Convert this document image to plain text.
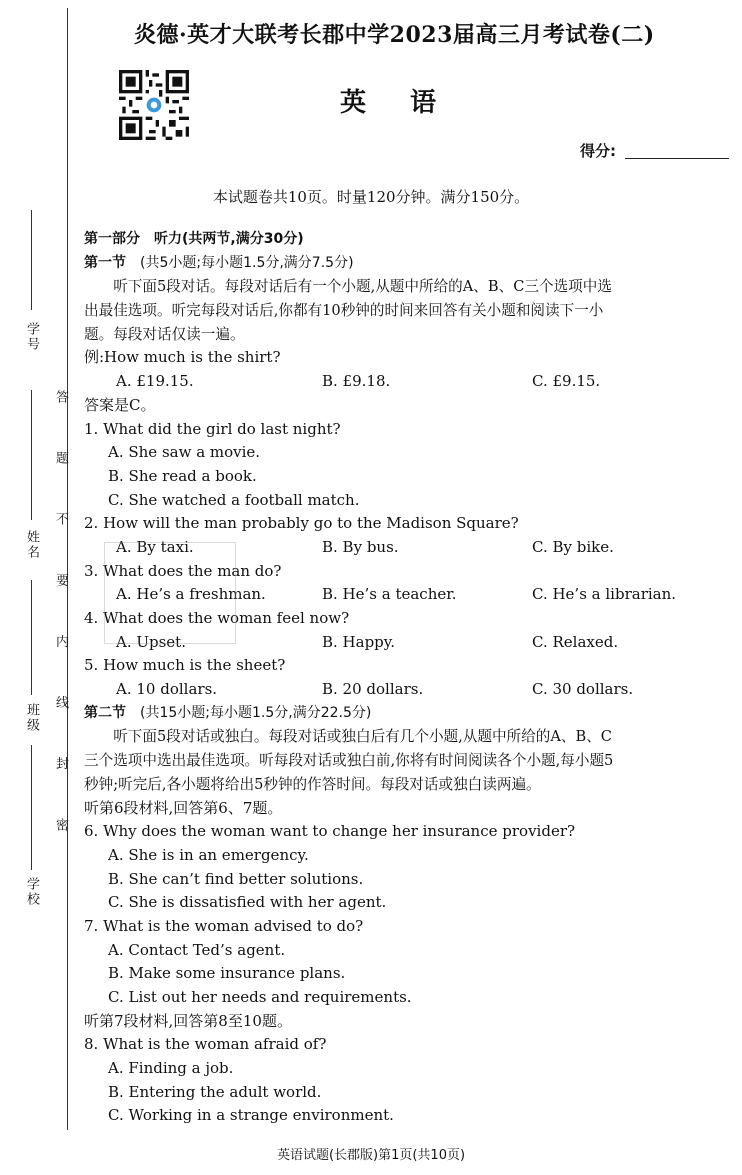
学号
姓名
班级
学校
答 题 不 要 内 线 封 密
炎德·英才大联考长郡中学2023届高三月考试卷(二)
英语
得分:
本试题卷共10页。时量120分钟。满分150分。
第一部分　听力(共两节,满分30分)
第一节　 (共5小题;每小题1.5分,满分7.5分)
听下面5段对话。每段对话后有一个小题,从题中所给的A、B、C三个选项中选
出最佳选项。听完每段对话后,你都有10秒钟的时间来回答有关小题和阅读下一小
题。每段对话仅读一遍。
例:How much is the shirt?
A. £19.15.	B. £9.18.	C. £9.15.
答案是C。
1. What did the girl do last night?
A. She saw a movie.
B. She read a book.
C. She watched a football match.
2. How will the man probably go to the Madison Square?
A. By taxi.	B. By bus.	C. By bike.
3. What does the man do?
A. He’s a freshman.	B. He’s a teacher.	C. He’s a librarian.
4. What does the woman feel now?
A. Upset.	B. Happy.	C. Relaxed.
5. How much is the sheet?
A. 10 dollars.	B. 20 dollars.	C. 30 dollars.
第二节　 (共15小题;每小题1.5分,满分22.5分)
听下面5段对话或独白。每段对话或独白后有几个小题,从题中所给的A、B、C
三个选项中选出最佳选项。听每段对话或独白前,你将有时间阅读各个小题,每小题5
秒钟;听完后,各小题将给出5秒钟的作答时间。每段对话或独白读两遍。
听第6段材料,回答第6、7题。
6. Why does the woman want to change her insurance provider?
A. She is in an emergency.
B. She can’t find better solutions.
C. She is dissatisfied with her agent.
7. What is the woman advised to do?
A. Contact Ted’s agent.
B. Make some insurance plans.
C. List out her needs and requirements.
听第7段材料,回答第8至10题。
8. What is the woman afraid of?
A. Finding a job.
B. Entering the adult world.
C. Working in a strange environment.
英语试题(长郡版)第1页(共10页)
